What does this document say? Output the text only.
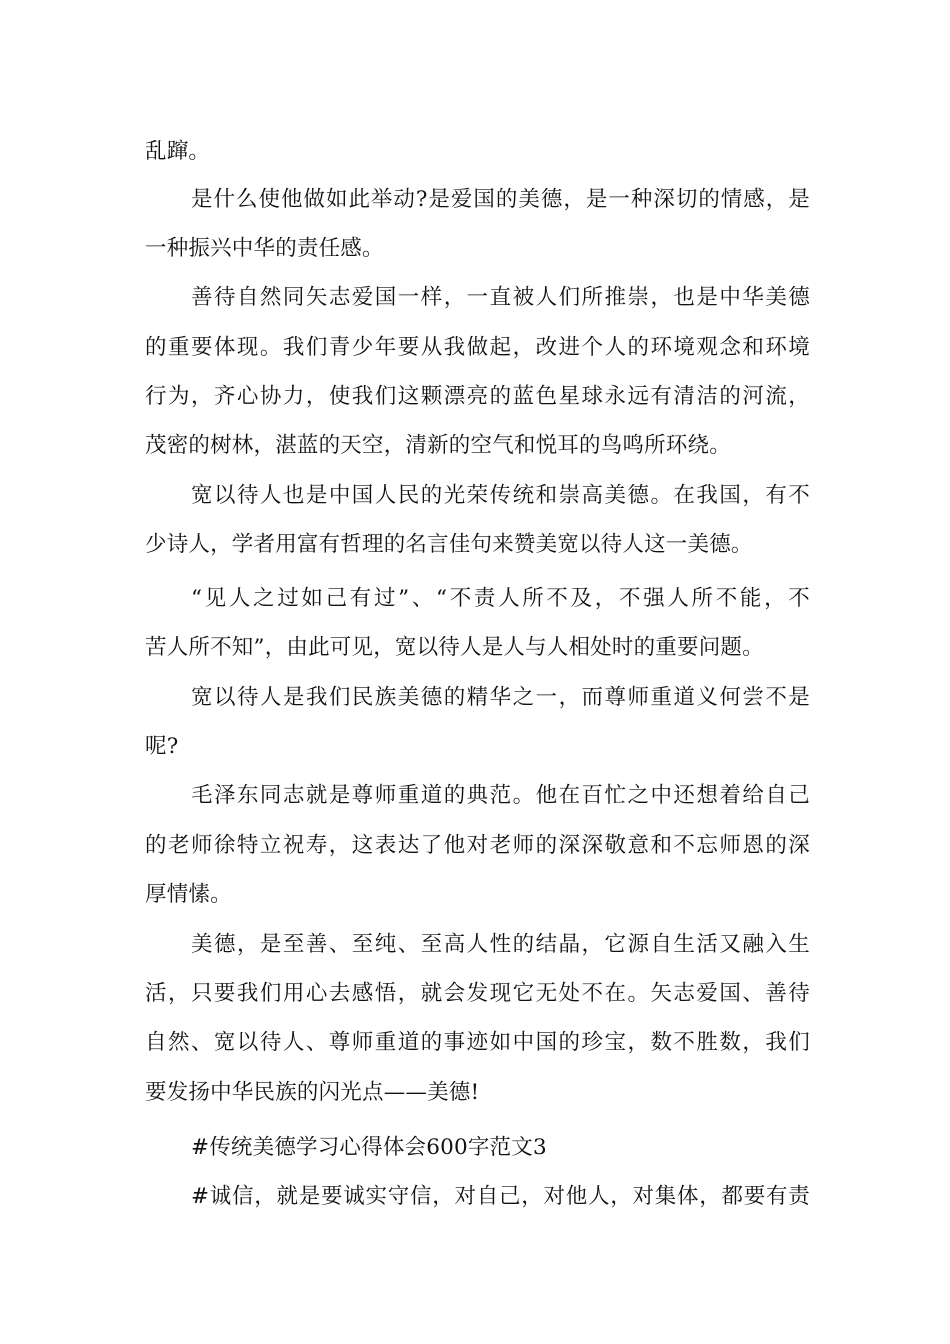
乱蹿。
是什么使他做如此举动?是爱国的美德，是一种深切的情感，是
一种振兴中华的责任感。
善待自然同矢志爱国一样，一直被人们所推崇，也是中华美德
的重要体现。我们青少年要从我做起，改进个人的环境观念和环境
行为，齐心协力，使我们这颗漂亮的蓝色星球永远有清洁的河流，
茂密的树林，湛蓝的天空，清新的空气和悦耳的鸟鸣所环绕。
宽以待人也是中国人民的光荣传统和崇高美德。在我国，有不
少诗人，学者用富有哲理的名言佳句来赞美宽以待人这一美德。
“见人之过如己有过”、“不责人所不及，不强人所不能，不
苦人所不知”，由此可见，宽以待人是人与人相处时的重要问题。
宽以待人是我们民族美德的精华之一，而尊师重道义何尝不是
呢?
毛泽东同志就是尊师重道的典范。他在百忙之中还想着给自己
的老师徐特立祝寿，这表达了他对老师的深深敬意和不忘师恩的深
厚情愫。
美德，是至善、至纯、至高人性的结晶，它源自生活又融入生
活，只要我们用心去感悟，就会发现它无处不在。矢志爱国、善待
自然、宽以待人、尊师重道的事迹如中国的珍宝，数不胜数，我们
要发扬中华民族的闪光点——美德!
#传统美德学习心得体会600字范文3
#诚信，就是要诚实守信，对自己，对他人，对集体，都要有责
